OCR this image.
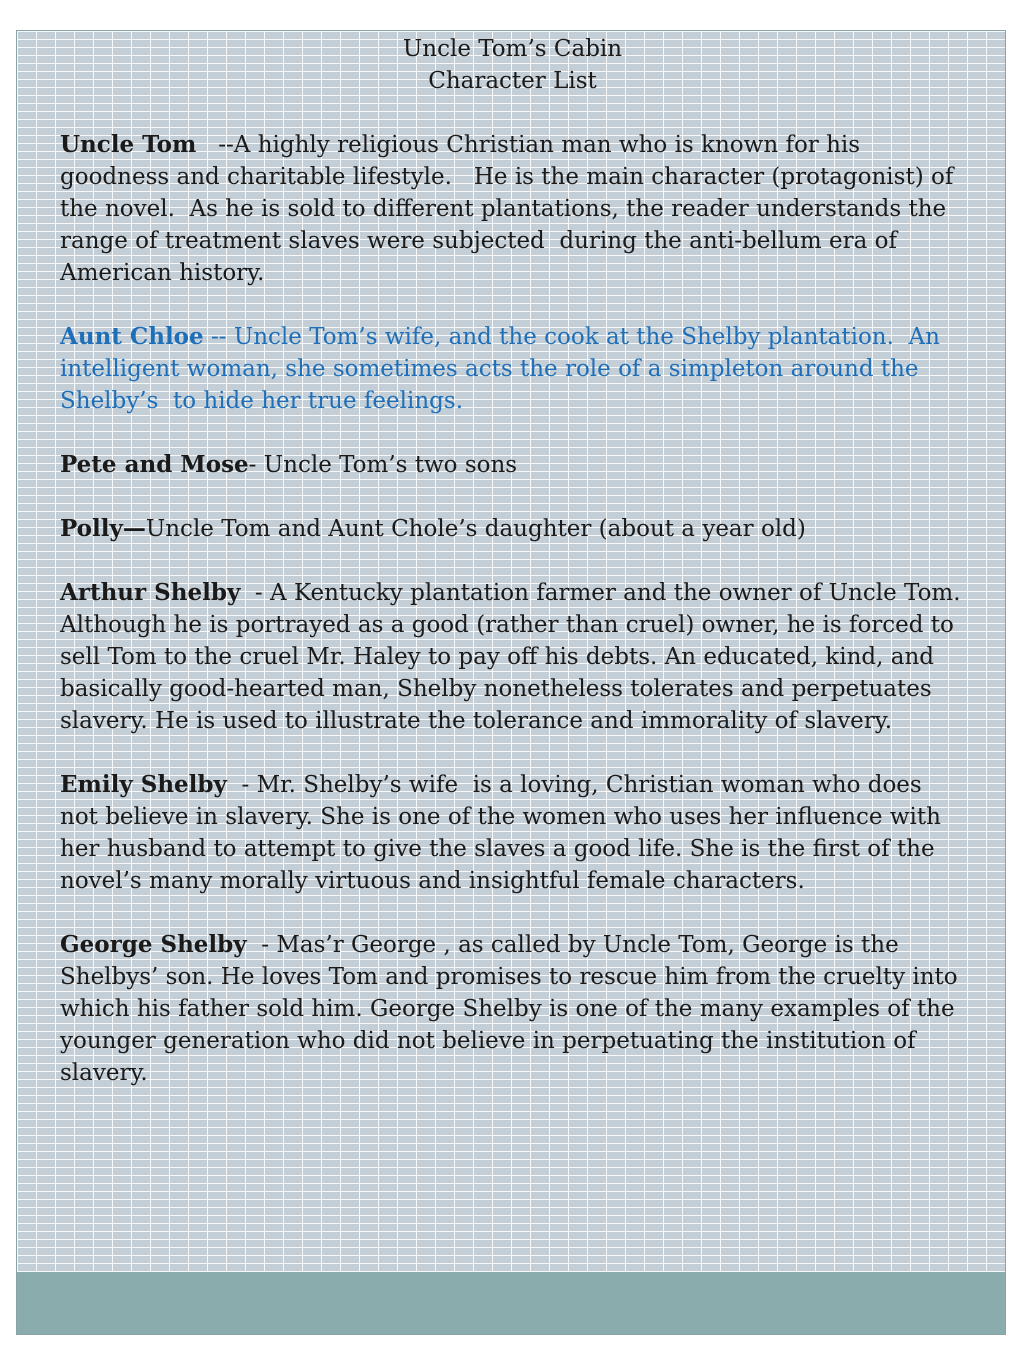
Uncle Tom’s Cabin

Character List

Uncle Tom   --A highly religious Christian man who is known for his goodness and charitable lifestyle.   He is the main character (protagonist) of the novel.  As he is sold to different plantations, the reader understands the range of treatment slaves were subjected  during the anti-bellum era of American history.

Aunt Chloe -- Uncle Tom’s wife, and the cook at the Shelby plantation.  An intelligent woman, she sometimes acts the role of a simpleton around the Shelby’s  to hide her true feelings.

Pete and Mose- Uncle Tom’s two sons

Polly—Uncle Tom and Aunt Chole’s daughter (about a year old)

Arthur Shelby  - A Kentucky plantation farmer and the owner of Uncle Tom.  Although he is portrayed as a good (rather than cruel) owner, he is forced to sell Tom to the cruel Mr. Haley to pay off his debts. An educated, kind, and basically good-hearted man, Shelby nonetheless tolerates and perpetuates slavery. He is used to illustrate the tolerance and immorality of slavery.

Emily Shelby  - Mr. Shelby’s wife  is a loving, Christian woman who does not believe in slavery. She is one of the women who uses her influence with her husband to attempt to give the slaves a good life. She is the first of the novel’s many morally virtuous and insightful female characters.

George Shelby  - Mas’r George , as called by Uncle Tom, George is the Shelbys’ son. He loves Tom and promises to rescue him from the cruelty into which his father sold him. George Shelby is one of the many examples of the younger generation who did not believe in perpetuating the institution of slavery.
